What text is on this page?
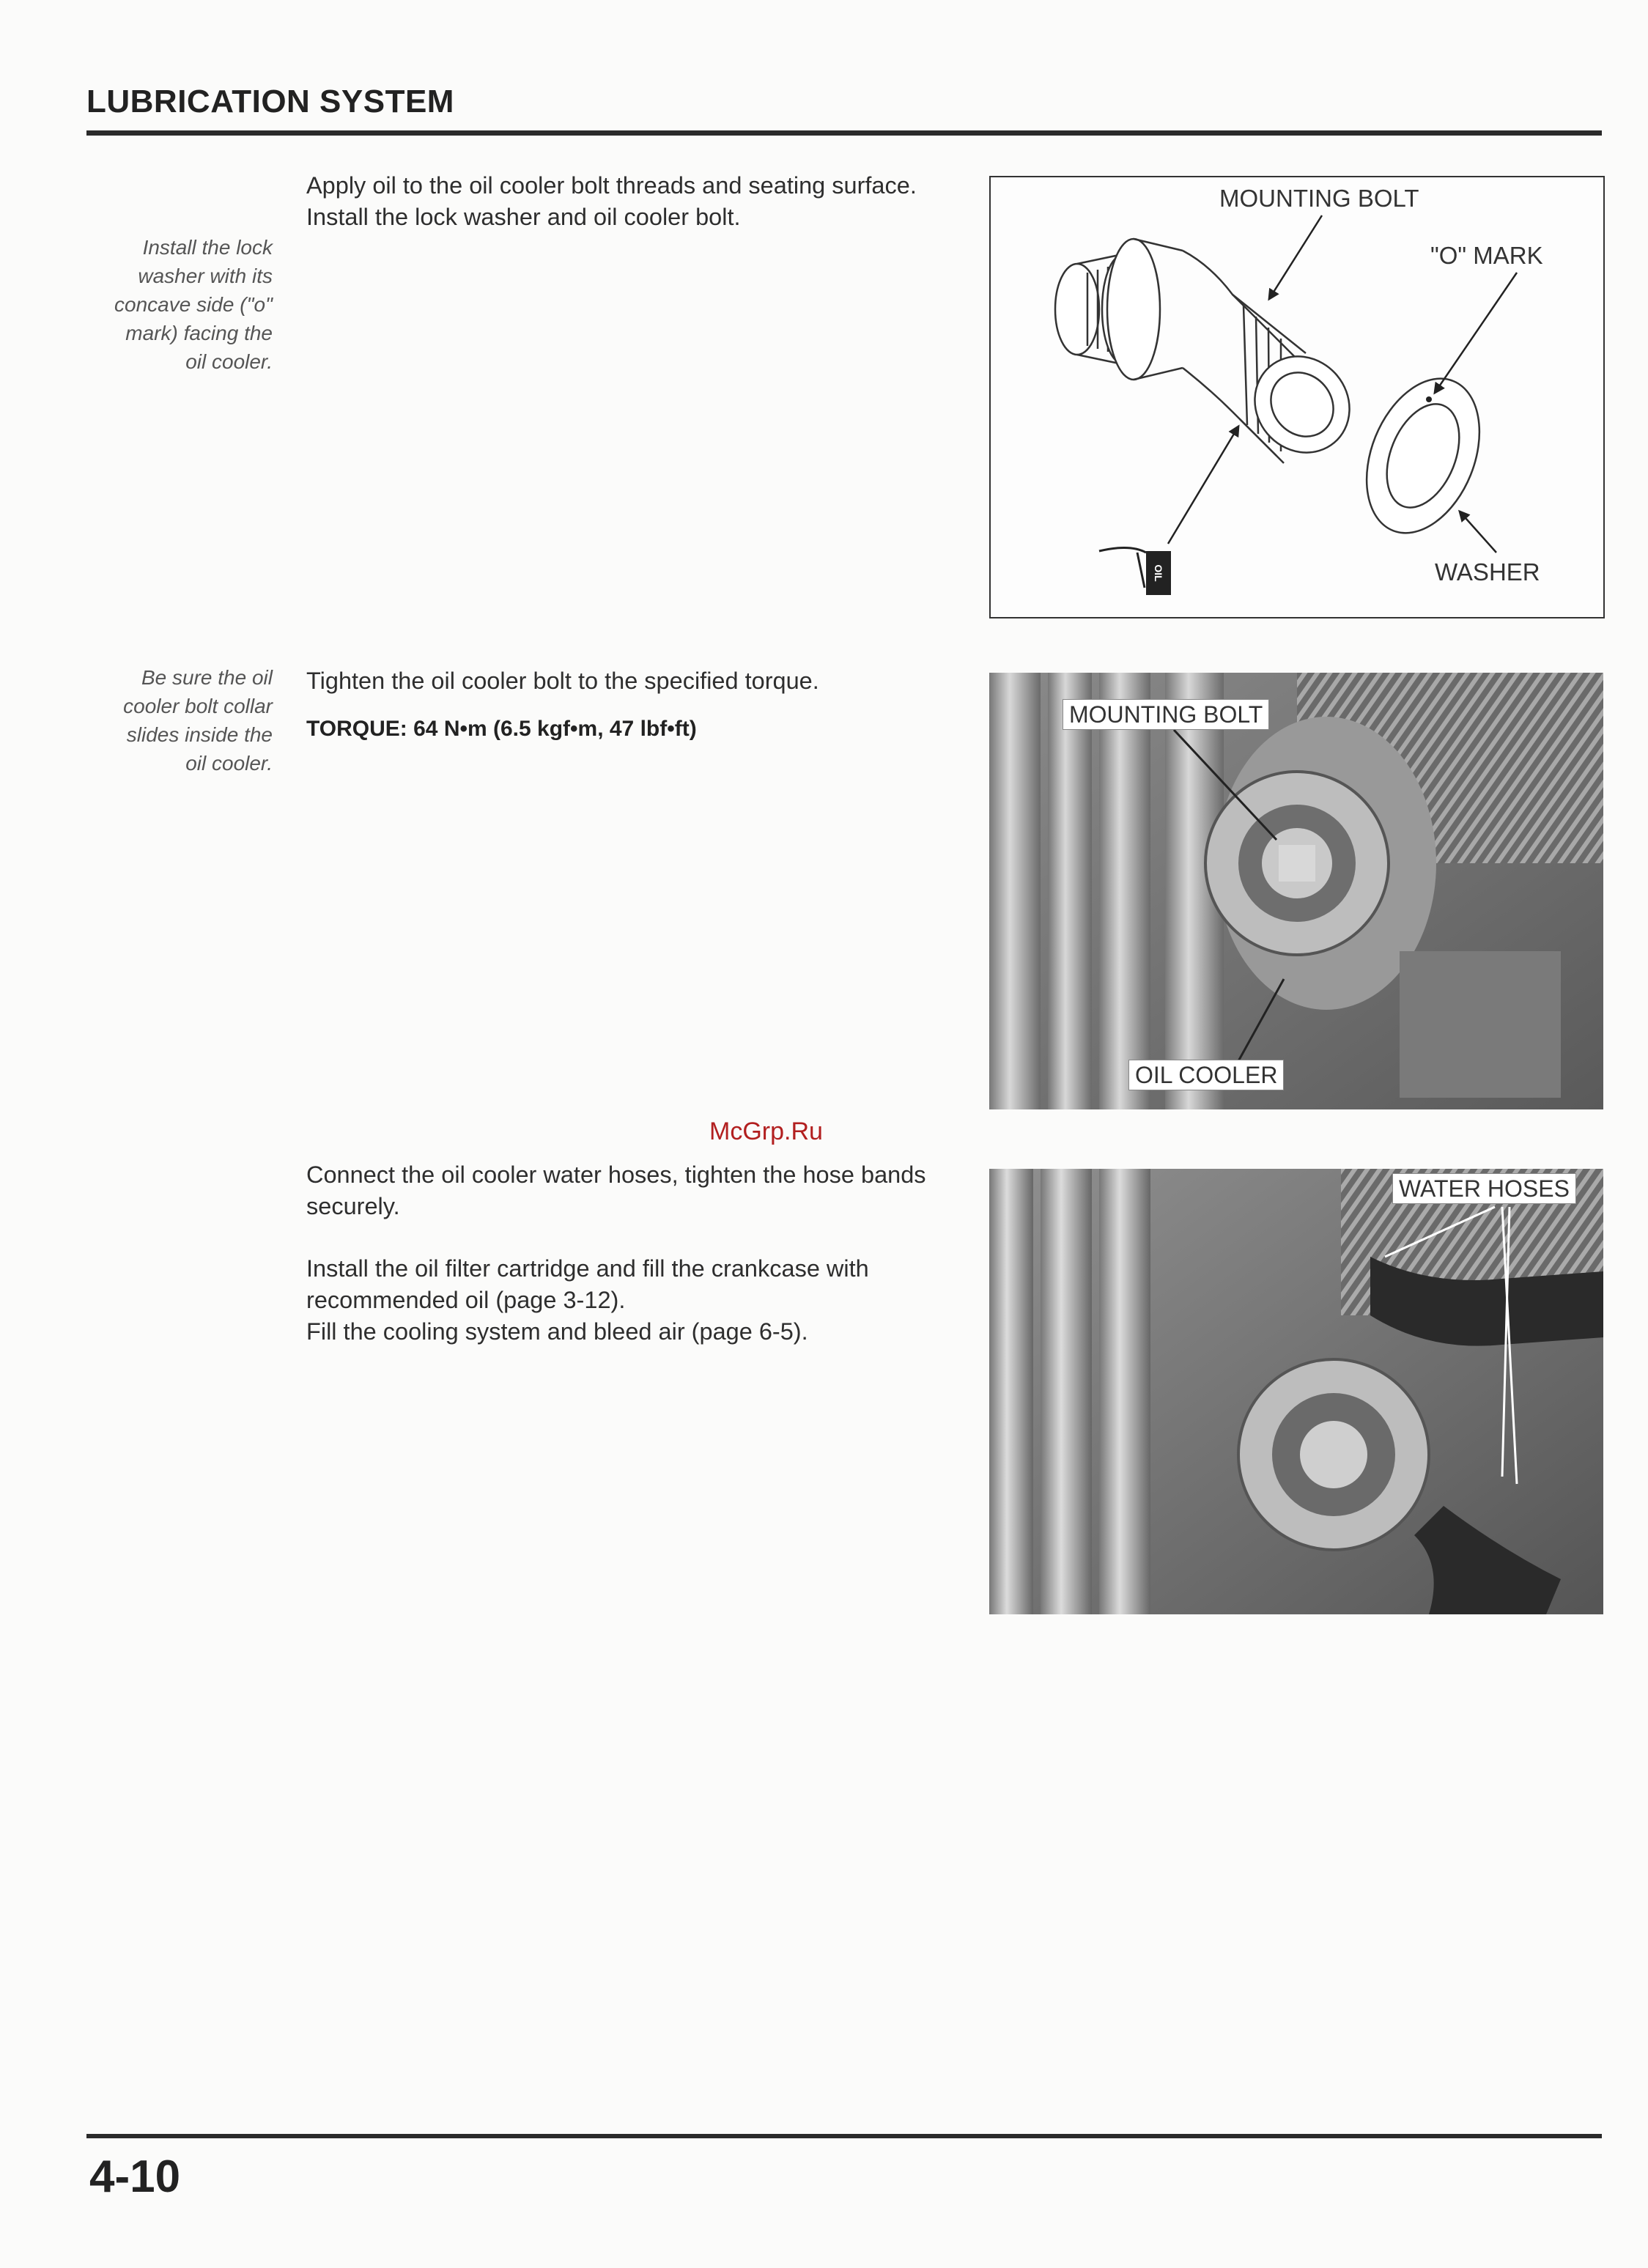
LUBRICATION SYSTEM
Install the lock
washer with its
concave side ("o"
mark) facing the
oil cooler.

Apply oil to the oil cooler bolt threads and seating surface.

Install the lock washer and oil cooler bolt.

OIL
MOUNTING BOLT
"O" MARK
WASHER
Be sure the oil
cooler bolt collar
slides inside the
oil cooler.

Tighten the oil cooler bolt to the specified torque.

TORQUE: 64 N•m (6.5 kgf•m, 47 lbf•ft)

MOUNTING BOLT
OIL COOLER
McGrp.Ru

Connect the oil cooler water hoses, tighten the hose bands securely.

Install the oil filter cartridge and fill the crankcase with recommended oil (page 3-12).

Fill the cooling system and bleed air (page 6-5).

WATER HOSES
4-10
